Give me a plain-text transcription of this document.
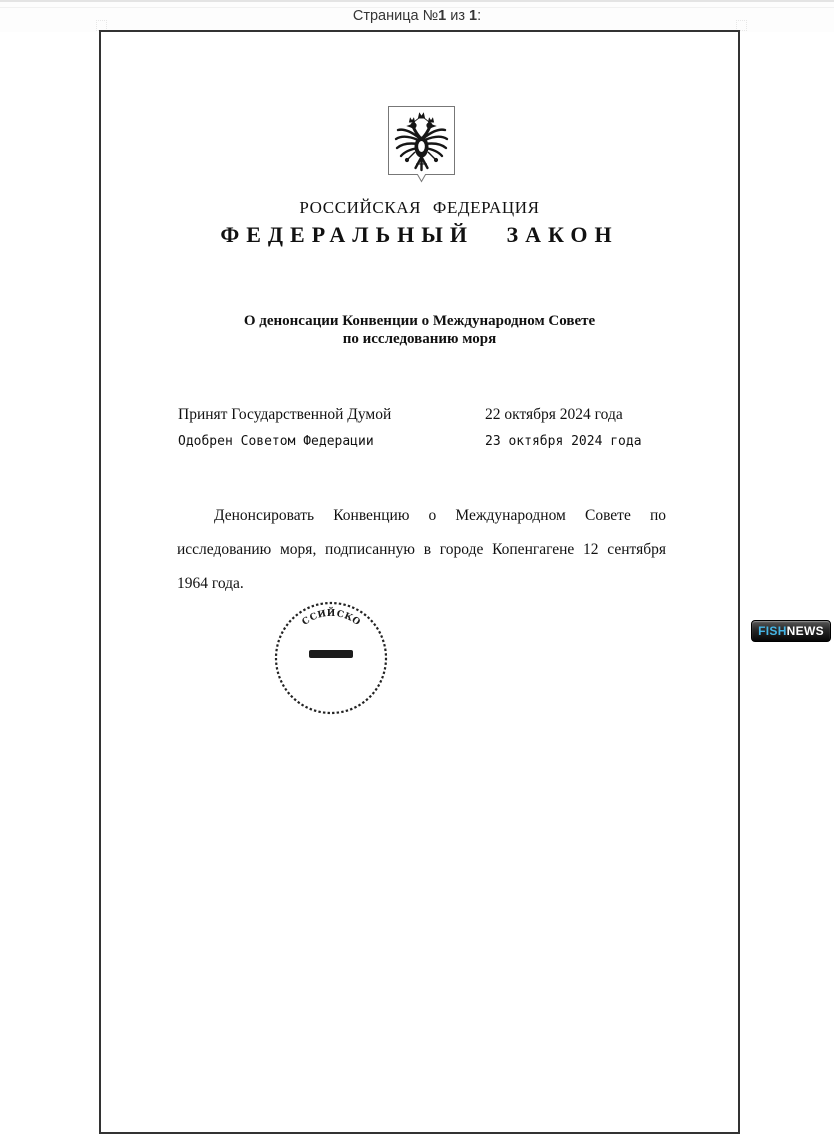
Страница №1 из 1:
РОССИЙСКАЯ ФЕДЕРАЦИЯ
ФЕДЕРАЛЬНЫЙ ЗАКОН
О денонсации Конвенции о Международном Совете
по исследованию моря
Принят Государственной Думой	22 октября 2024 года
Одобрен Советом Федерации	23 октября 2024 года
Денонсировать Конвенцию о Международном Совете по
исследованию моря, подписанную в городе Копенгагене 12 сентября
1964 года.
С
С
И Й С
К
О
FISH NEWS
